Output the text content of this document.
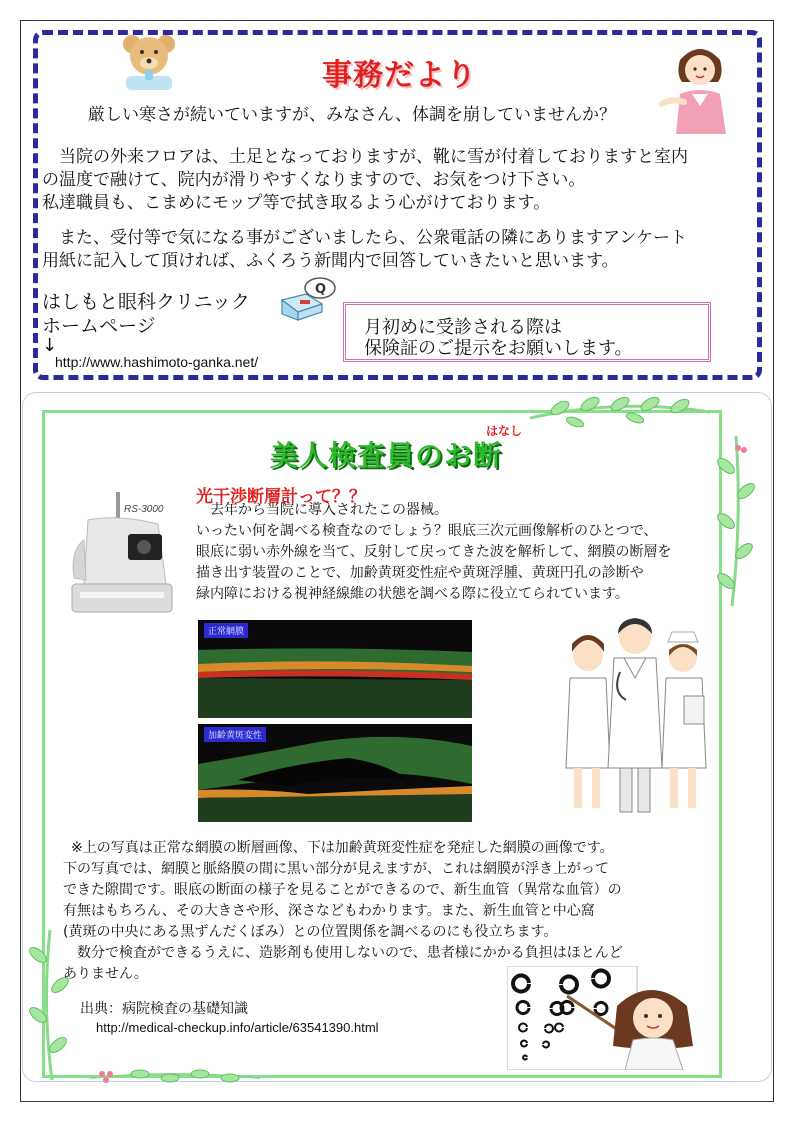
事務だより
厳しい寒さが続いていますが、みなさん、体調を崩していませんか？
当院の外来フロアは、土足となっておりますが、靴に雪が付着しておりますと室内
の温度で融けて、院内が滑りやすくなりますので、お気をつけ下さい。
私達職員も、こまめにモップ等で拭き取るよう心がけております。
また、受付等で気になる事がございましたら、公衆電話の隣にありますアンケート
用紙に記入して頂ければ、ふくろう新聞内で回答していきたいと思います。
はしもと眼科クリニック
ホームページ
Q
↓
http://www.hashimoto-ganka.net/
月初めに受診される際は
保険証のご提示をお願いします。
はなし
美人検査員のお断
RS-3000
光干渉断層計って？？
去年から当院に導入されたこの器械。
いったい何を調べる検査なのでしょう？眼底三次元画像解析のひとつで、
眼底に弱い赤外線を当て、反射して戻ってきた波を解析して、網膜の断層を
描き出す装置のことで、加齢黄斑変性症や黄斑浮腫、黄斑円孔の診断や
緑内障における視神経線維の状態を調べる際に役立てられています。
正常網膜
加齢黄斑変性
※上の写真は正常な網膜の断層画像、下は加齢黄斑変性症を発症した網膜の画像です。
下の写真では、網膜と脈絡膜の間に黒い部分が見えますが、これは網膜が浮き上がって
できた隙間です。眼底の断面の様子を見ることができるので、新生血管（異常な血管）の
有無はもちろん、その大きさや形、深さなどもわかります。また、新生血管と中心窩
(黄斑の中央にある黒ずんだくぼみ）との位置関係を調べるのにも役立ちます。
数分で検査ができるうえに、造影剤も使用しないので、患者様にかかる負担はほとんど
ありません。
出典：病院検査の基礎知識
http://medical-checkup.info/article/63541390.html
